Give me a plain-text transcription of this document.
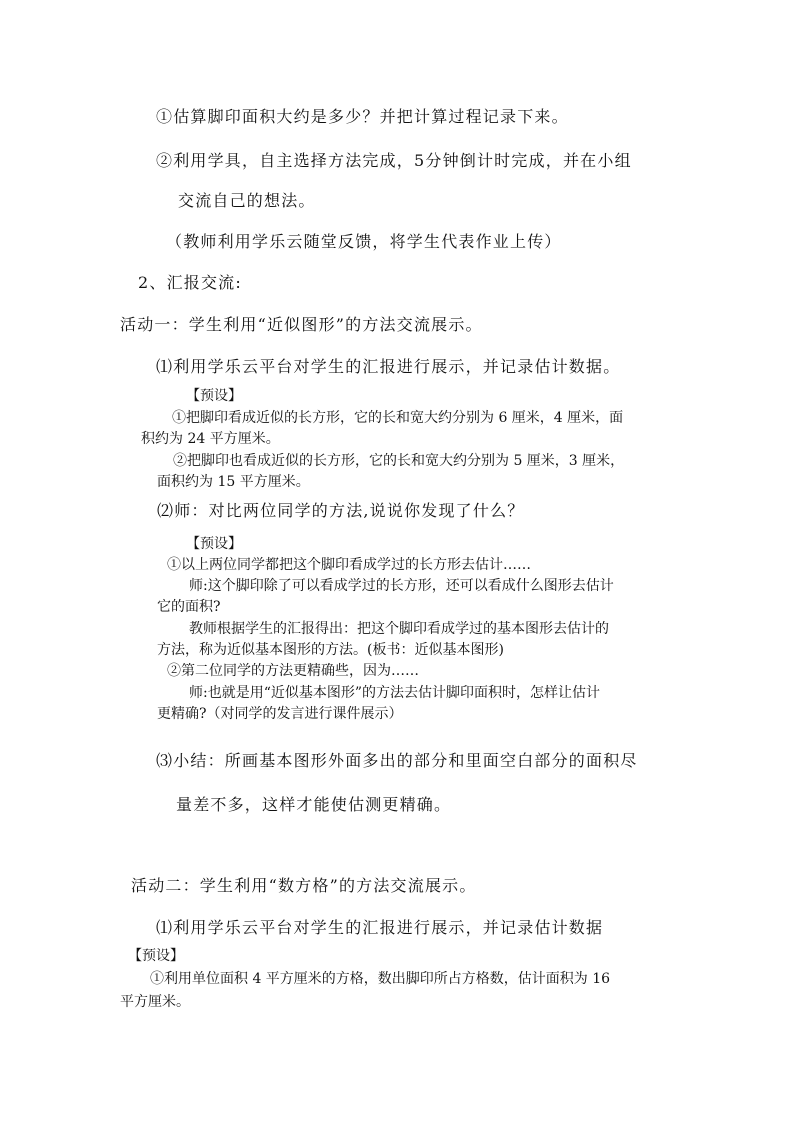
①估算脚印面积大约是多少？并把计算过程记录下来。
②利用学具，自主选择方法完成，5分钟倒计时完成，并在小组
交流自己的想法。
（教师利用学乐云随堂反馈，将学生代表作业上传）
2、汇报交流:
活动一：学生利用“近似图形”的方法交流展示。
⑴利用学乐云平台对学生的汇报进行展示，并记录估计数据。
【预设】
①把脚印看成近似的长方形，它的长和宽大约分别为 6 厘米，4 厘米，面
积约为 24 平方厘米。
②把脚印也看成近似的长方形，它的长和宽大约分别为 5 厘米，3 厘米，
面积约为 15 平方厘米。
⑵师：对比两位同学的方法,说说你发现了什么？
【预设】
①以上两位同学都把这个脚印看成学过的长方形去估计……
师:这个脚印除了可以看成学过的长方形，还可以看成什么图形去估计
它的面积?
教师根据学生的汇报得出：把这个脚印看成学过的基本图形去估计的
方法，称为近似基本图形的方法。(板书：近似基本图形)
②第二位同学的方法更精确些，因为……
师:也就是用“近似基本图形”的方法去估计脚印面积时，怎样让估计
更精确?（对同学的发言进行课件展示）
⑶小结：所画基本图形外面多出的部分和里面空白部分的面积尽
量差不多，这样才能使估测更精确。
活动二：学生利用“数方格”的方法交流展示。
⑴利用学乐云平台对学生的汇报进行展示，并记录估计数据
【预设】
①利用单位面积 4 平方厘米的方格，数出脚印所占方格数，估计面积为 16
平方厘米。
